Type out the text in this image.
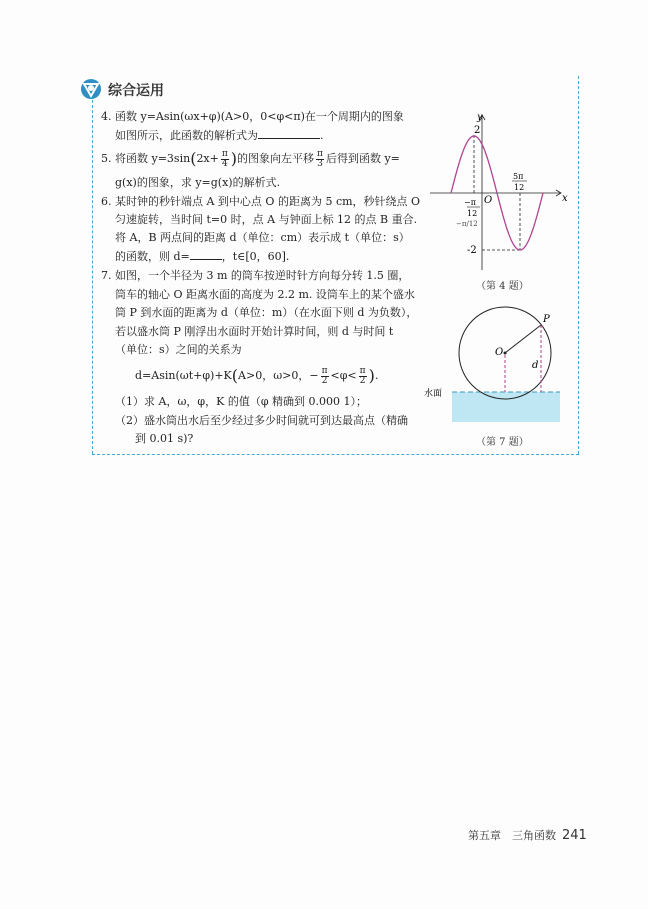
综合运用
4. 函数 y=Asin(ωx+φ)(A>0，0<φ<π)在一个周期内的图象
如图所示，此函数的解析式为	.
5. 将函数 $y=3\sin(2x+ \frac{\pi}{4}$ )的图象向左平移 $\frac{\pi}{3}$ 后得到函数 y=
g(x)的图象，求 y=g(x)的解析式.
6. 某时钟的秒针端点 A 到中心点 O 的距离为 5 cm，秒针绕点 O
匀速旋转，当时间 t=0 时，点 A 与钟面上标 12 的点 B 重合.
将 A，B 两点间的距离 d（单位：cm）表示成 t（单位：s）
的函数，则 d=	，t∈[0，60].
7. 如图，一个半径为 3 m 的筒车按逆时针方向每分转 1.5 圈，
筒车的轴心 O 距离水面的高度为 2.2 m. 设筒车上的某个盛水
筒 P 到水面的距离为 d（单位：m）（在水面下则 d 为负数），
若以盛水筒 P 刚浮出水面时开始计算时间，则 d 与时间 t
（单位：s）之间的关系为
d=Asin(ωt+φ)+K(A>0，ω>0，− $\frac{\pi}{2} <\varphi< \frac{\pi}{2}$ ).
（1）求 A，ω，φ，K 的值（φ 精确到 0.000 1）；
（2）盛水筒出水后至少经过多少时间就可到达最高点（精确
到 0.01 s)?
y
x
O
2
-2
−π
12
−π/12
5π
12
（第 4 题）
O
P
d
水面
（第 7 题）
第五章　三角函数 241
